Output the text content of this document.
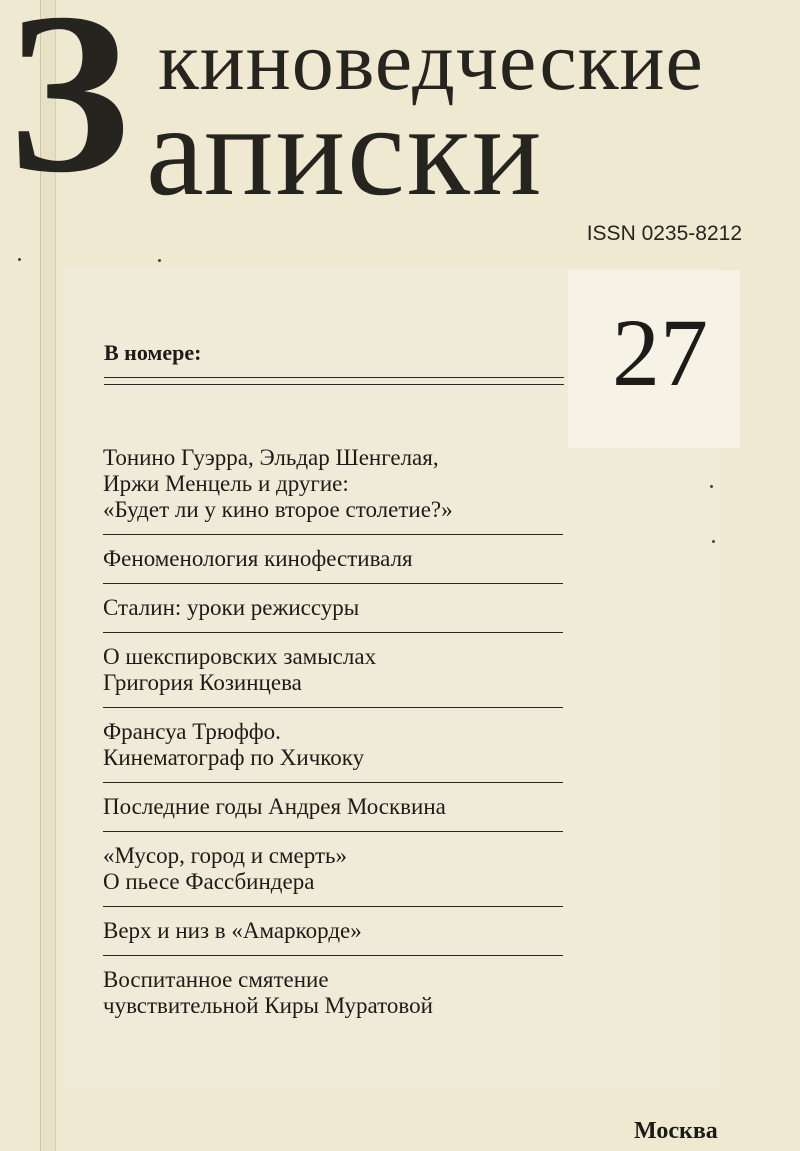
З киноведческие
аписки
ISSN 0235-8212
27
В номере:
Тонино Гуэрра, Эльдар Шенгелая,
Иржи Менцель и другие:
«Будет ли у кино второе столетие?»
Феноменология кинофестиваля
Сталин: уроки режиссуры
О шекспировских замыслах
Григория Козинцева
Франсуа Трюффо.
Кинематограф по Хичкоку
Последние годы Андрея Москвина
«Мусор, город и смерть»
О пьесе Фассбиндера
Верх и низ в «Амаркорде»
Воспитанное смятение
чувствительной Киры Муратовой
Москва
